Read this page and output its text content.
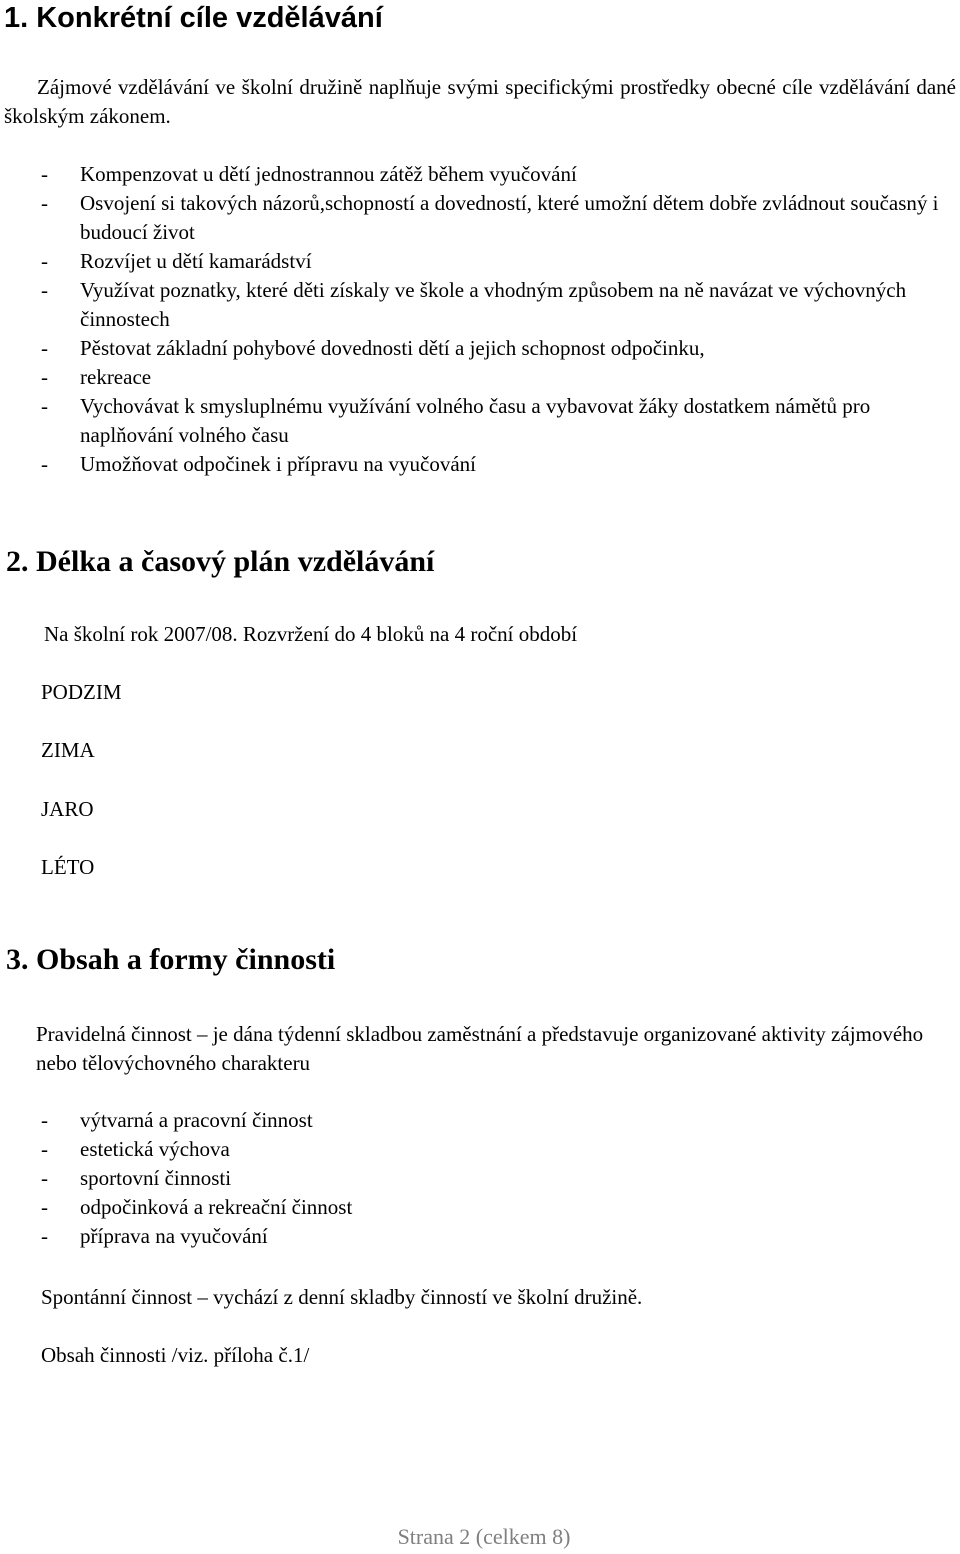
1. Konkrétní cíle vzdělávání

Zájmové vzdělávání ve školní družině naplňuje svými specifickými prostředky obecné cíle vzdělávání dané školským zákonem.

- Kompenzovat u dětí jednostrannou zátěž během vyučování
- Osvojení si takových názorů,schopností a dovedností, které umožní dětem dobře zvládnout současný i budoucí život
- Rozvíjet u dětí kamarádství
- Využívat poznatky, které děti získaly ve škole a vhodným způsobem na ně navázat ve výchovných činnostech
- Pěstovat základní pohybové dovednosti dětí a jejich schopnost odpočinku,
- rekreace
- Vychovávat k smysluplnému využívání volného času a vybavovat žáky dostatkem námětů pro naplňování volného času
- Umožňovat odpočinek i přípravu na vyučování
2. Délka a časový plán vzdělávání
Na školní rok 2007/08. Rozvržení do 4 bloků na 4 roční období
PODZIM
ZIMA
JARO
LÉTO
3. Obsah a formy činnosti

Pravidelná činnost – je dána týdenní skladbou zaměstnání a představuje organizované aktivity zájmového nebo tělovýchovného charakteru

- výtvarná a pracovní činnost
- estetická výchova
- sportovní činnosti
- odpočinková a rekreační činnost
- příprava na vyučování
Spontánní činnost – vychází z denní skladby činností ve školní družině.
Obsah činnosti /viz. příloha č.1/
Strana 2 (celkem 8)
